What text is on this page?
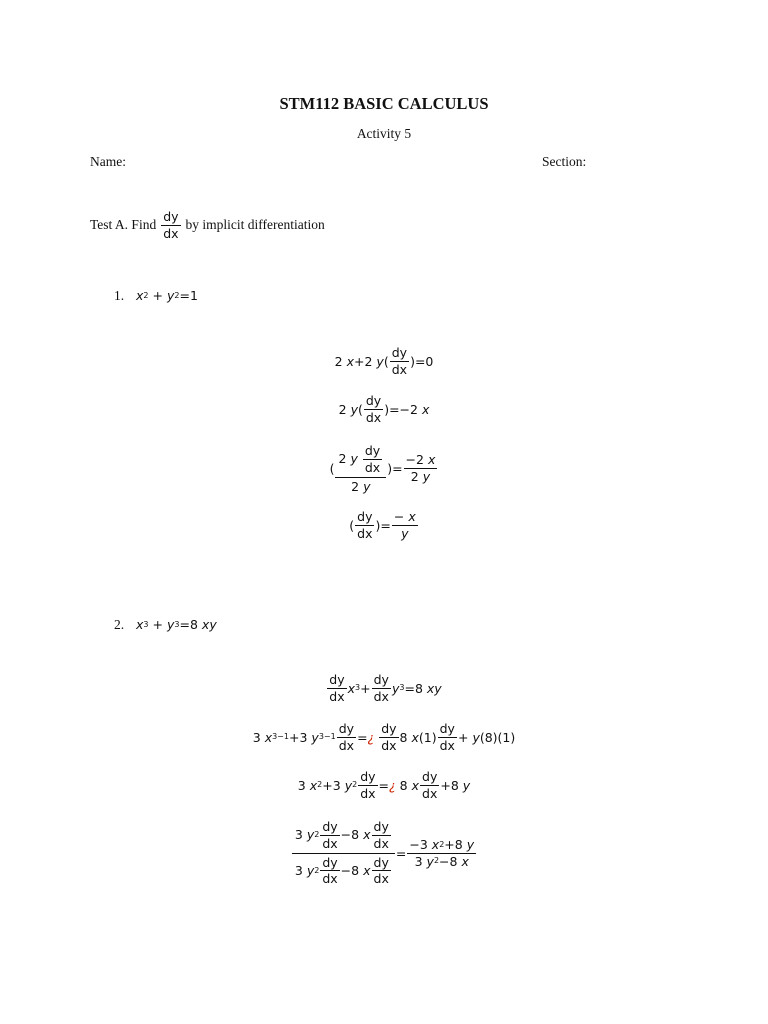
STM112 BASIC CALCULUS
Activity 5
Name:	Section:
Test A. Find
dy
dx
by implicit differentiation
1. x 2 + y 2 =1
2 x +2 y (
dy
dx
)=0
2 y (
dy
dx
)=−2 x
(
2 y
dy
dx
2 y
)=
−2 x
2 y
(
dy
dx
)=
− x
y
2. x 3 + y 3 =8 xy
dy
dx
x 3 +
dy
dx
y 3 =8 xy
3 x 3−1 +3 y 3−1
dy
dx
= ¿
dy
dx
8 x (1)
dy
dx
+ y (8)(1)
3 x 2 +3 y 2
dy
dx
= ¿ 8 x
dy
dx
+8 y
3 y 2
dy
dx
−8 x
dy
dx
3 y 2
dy
dx
−8 x
dy
dx
=
−3 x 2 +8 y
3 y 2 −8 x
